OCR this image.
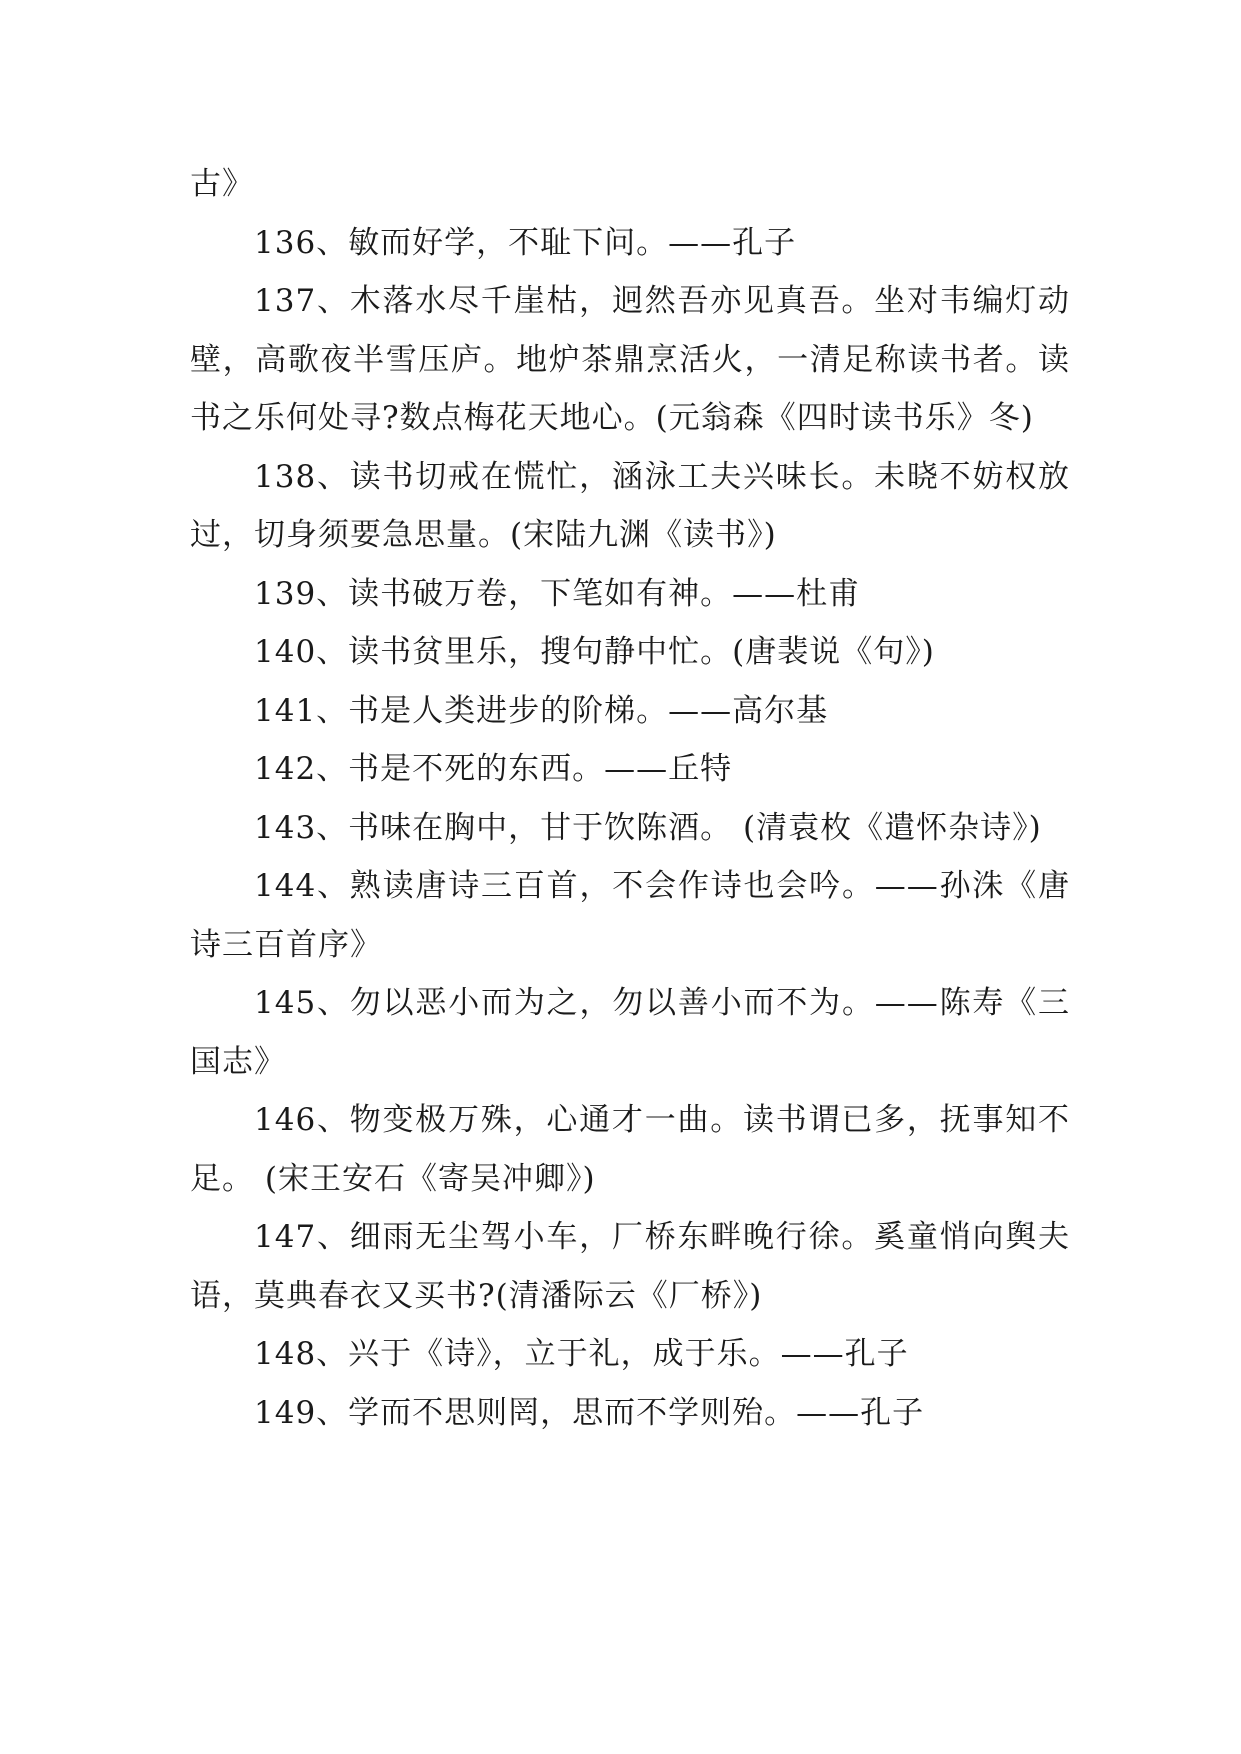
古》

136、敏而好学，不耻下问。——孔子

137、木落水尽千崖枯，迥然吾亦见真吾。坐对韦编灯动壁，高歌夜半雪压庐。地炉茶鼎烹活火，一清足称读书者。读书之乐何处寻?数点梅花天地心。(元翁森《四时读书乐》冬)

138、读书切戒在慌忙，涵泳工夫兴味长。未晓不妨权放过，切身须要急思量。(宋陆九渊《读书》)

139、读书破万卷，下笔如有神。——杜甫

140、读书贫里乐，搜句静中忙。(唐裴说《句》)

141、书是人类进步的阶梯。——高尔基

142、书是不死的东西。——丘特

143、书味在胸中，甘于饮陈酒。 (清袁枚《遣怀杂诗》)

144、熟读唐诗三百首，不会作诗也会吟。——孙洙《唐诗三百首序》

145、勿以恶小而为之，勿以善小而不为。——陈寿《三国志》

146、物变极万殊，心通才一曲。读书谓已多，抚事知不足。 (宋王安石《寄吴冲卿》)

147、细雨无尘驾小车，厂桥东畔晚行徐。奚童悄向舆夫语，莫典春衣又买书?(清潘际云《厂桥》)

148、兴于《诗》，立于礼，成于乐。——孔子

149、学而不思则罔，思而不学则殆。——孔子
